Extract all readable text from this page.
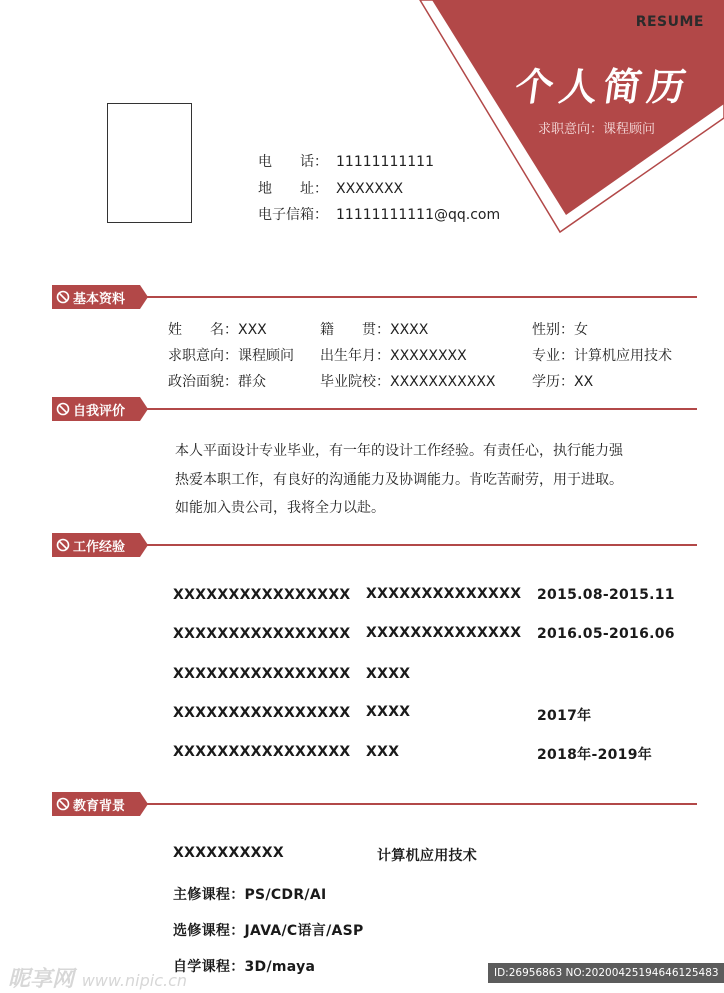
RESUME
个人简历
求职意向：课程顾问
电　　话： 11111111111
地　　址： XXXXXXX
电子信箱： 11111111111@qq.com
基本资料
姓　　名：XXX	籍　　贯：XXXX	性别：女
求职意向：课程顾问 出生年月：XXXXXXXX	专业：计算机应用技术
政治面貌：群众	毕业院校：XXXXXXXXXXX	学历：XX
自我评价
本人平面设计专业毕业，有一年的设计工作经验。有责任心，执行能力强
热爱本职工作，有良好的沟通能力及协调能力。肯吃苦耐劳，用于进取。
如能加入贵公司，我将全力以赴。
工作经验
XXXXXXXXXXXXXXXX XXXXXXXXXXXXXX 2015.08-2015.11
XXXXXXXXXXXXXXXX XXXXXXXXXXXXXX 2016.05-2016.06
XXXXXXXXXXXXXXXX XXXX
XXXXXXXXXXXXXXXX XXXX	2017年
XXXXXXXXXXXXXXXX XXX	2018年-2019年
教育背景
XXXXXXXXXX	计算机应用技术
主修课程：PS/CDR/AI
选修课程：JAVA/C语言/ASP
自学课程：3D/maya
昵享网 www.nipic.cn	ID:26956863 NO:20200425194646125483
